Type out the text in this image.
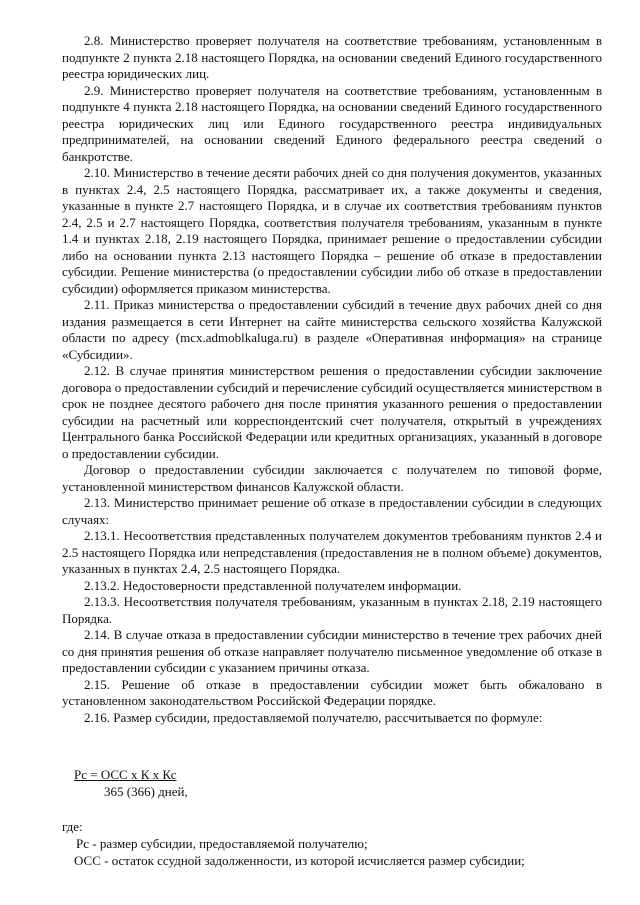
2.8. Министерство проверяет получателя на соответствие требованиям, установленным в подпункте 2 пункта 2.18 настоящего Порядка, на основании сведений Единого государственного реестра юридических лиц.

2.9. Министерство проверяет получателя на соответствие требованиям, установленным в подпункте 4 пункта 2.18 настоящего Порядка, на основании сведений Единого государственного реестра юридических лиц или Единого государственного реестра индивидуальных предпринимателей, на основании сведений Единого федерального реестра сведений о банкротстве.

2.10. Министерство в течение десяти рабочих дней со дня получения документов, указанных в пунктах 2.4, 2.5 настоящего Порядка, рассматривает их, а также документы и сведения, указанные в пункте 2.7 настоящего Порядка, и в случае их соответствия требованиям пунктов 2.4, 2.5 и 2.7 настоящего Порядка, соответствия получателя требованиям, указанным в пункте 1.4 и пунктах 2.18, 2.19 настоящего Порядка, принимает решение о предоставлении субсидии либо на основании пункта 2.13 настоящего Порядка – решение об отказе в предоставлении субсидии. Решение министерства (о предоставлении субсидии либо об отказе в предоставлении субсидии) оформляется приказом министерства.

2.11. Приказ министерства о предоставлении субсидий в течение двух рабочих дней со дня издания размещается в сети Интернет на сайте министерства сельского хозяйства Калужской области по адресу (mcx.admoblkaluga.ru) в разделе «Оперативная информация» на странице «Субсидии».

2.12. В случае принятия министерством решения о предоставлении субсидии заключение договора о предоставлении субсидий и перечисление субсидий осуществляется министерством в срок не позднее десятого рабочего дня после принятия указанного решения о предоставлении субсидии на расчетный или корреспондентский счет получателя, открытый в учреждениях Центрального банка Российской Федерации или кредитных организациях, указанный в договоре о предоставлении субсидии.

Договор о предоставлении субсидии заключается с получателем по типовой форме, установленной министерством финансов Калужской области.

2.13. Министерство принимает решение об отказе в предоставлении субсидии в следующих случаях:

2.13.1. Несоответствия представленных получателем документов требованиям пунктов 2.4 и 2.5 настоящего Порядка или непредставления (предоставления не в полном объеме) документов, указанных в пунктах 2.4, 2.5 настоящего Порядка.

2.13.2. Недостоверности представленной получателем информации.

2.13.3. Несоответствия получателя требованиям, указанным в пунктах 2.18, 2.19 настоящего Порядка.

2.14. В случае отказа в предоставлении субсидии министерство в течение трех рабочих дней со дня принятия решения об отказе направляет получателю письменное уведомление об отказе в предоставлении субсидии с указанием причины отказа.

2.15. Решение об отказе в предоставлении субсидии может быть обжаловано в установленном законодательством Российской Федерации порядке.

2.16. Размер субсидии, предоставляемой получателю, рассчитывается по формуле:

Рс = ОСС х К х Кс
365 (366) дней,

где:

Рс - размер субсидии, предоставляемой получателю;

ОСС - остаток ссудной задолженности, из которой исчисляется размер субсидии;
